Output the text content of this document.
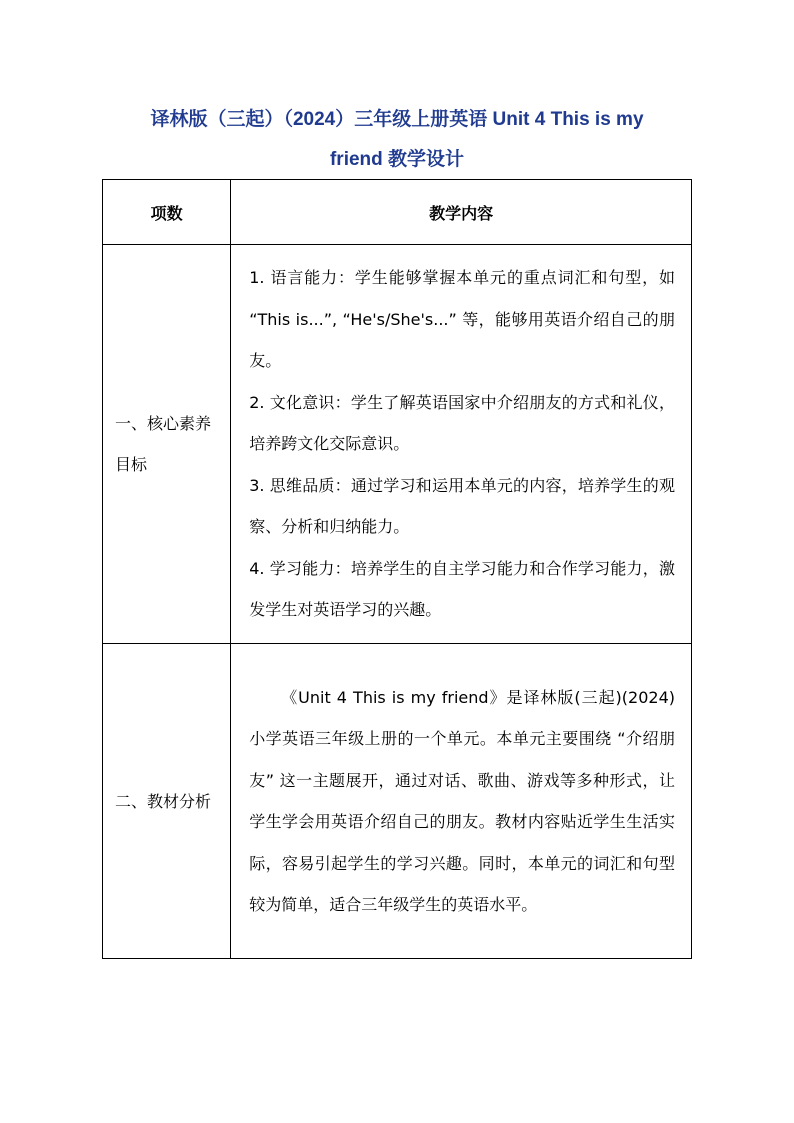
译林版（三起）（2024）三年级上册英语 Unit 4 This is my
friend 教学设计
项数	教学内容
一、核心素养目标	1. 语言能力：学生能够掌握本单元的重点词汇和句型，如 “This is...”, “He's/She's...” 等，能够用英语介绍自己的朋友。

2. 文化意识：学生了解英语国家中介绍朋友的方式和礼仪，培养跨文化交际意识。

3. 思维品质：通过学习和运用本单元的内容，培养学生的观察、分析和归纳能力。

4. 学习能力：培养学生的自主学习能力和合作学习能力，激发学生对英语学习的兴趣。

二、教材分析	《Unit 4 This is my friend》是译林版(三起)(2024)小学英语三年级上册的一个单元。本单元主要围绕 “介绍朋友” 这一主题展开，通过对话、歌曲、游戏等多种形式，让学生学会用英语介绍自己的朋友。教材内容贴近学生生活实际，容易引起学生的学习兴趣。同时，本单元的词汇和句型较为简单，适合三年级学生的英语水平。
